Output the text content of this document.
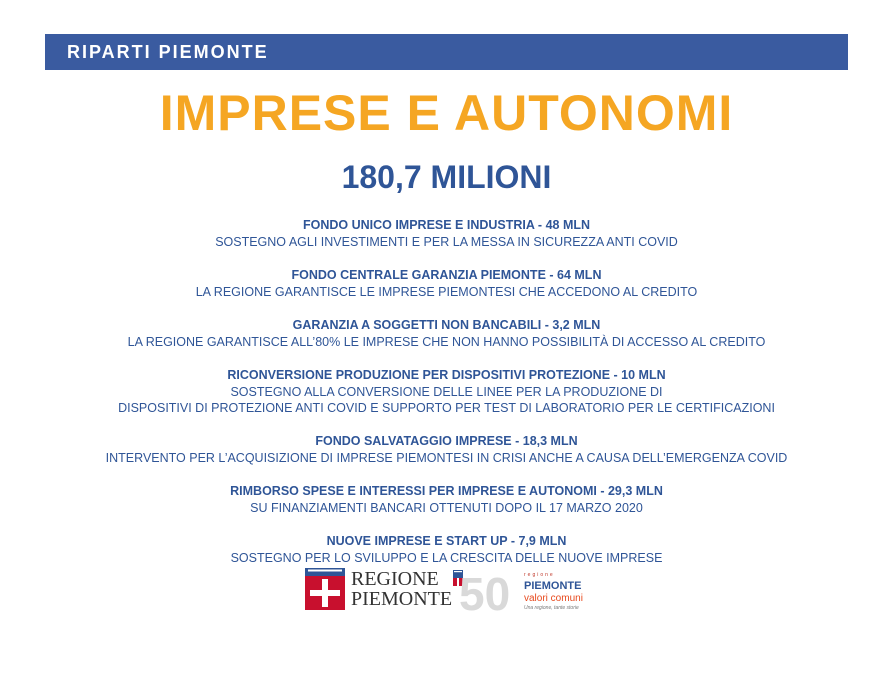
RIPARTI PIEMONTE
IMPRESE E AUTONOMI
180,7 MILIONI
FONDO UNICO IMPRESE E INDUSTRIA - 48 MLN
SOSTEGNO AGLI INVESTIMENTI E PER LA MESSA IN SICUREZZA ANTI COVID
FONDO CENTRALE GARANZIA PIEMONTE - 64 MLN
LA REGIONE GARANTISCE LE IMPRESE PIEMONTESI CHE ACCEDONO AL CREDITO
GARANZIA A SOGGETTI NON BANCABILI - 3,2 MLN
LA REGIONE GARANTISCE ALL’80% LE IMPRESE CHE NON HANNO POSSIBILITÀ DI ACCESSO AL CREDITO
RICONVERSIONE PRODUZIONE PER DISPOSITIVI PROTEZIONE - 10 MLN
SOSTEGNO ALLA CONVERSIONE DELLE LINEE PER LA PRODUZIONE DI
DISPOSITIVI DI PROTEZIONE ANTI COVID E SUPPORTO PER TEST DI LABORATORIO PER LE CERTIFICAZIONI
FONDO SALVATAGGIO IMPRESE - 18,3 MLN
INTERVENTO PER L’ACQUISIZIONE DI IMPRESE PIEMONTESI IN CRISI ANCHE A CAUSA DELL’EMERGENZA COVID
RIMBORSO SPESE E INTERESSI PER IMPRESE E AUTONOMI - 29,3 MLN
SU FINANZIAMENTI BANCARI OTTENUTI DOPO IL 17 MARZO 2020
NUOVE IMPRESE E START UP - 7,9 MLN
SOSTEGNO PER LO SVILUPPO E LA CRESCITA DELLE NUOVE IMPRESE
REGIONE
PIEMONTE 50	regione
PIEMONTE
valori comuni
Una regione, tante storie
